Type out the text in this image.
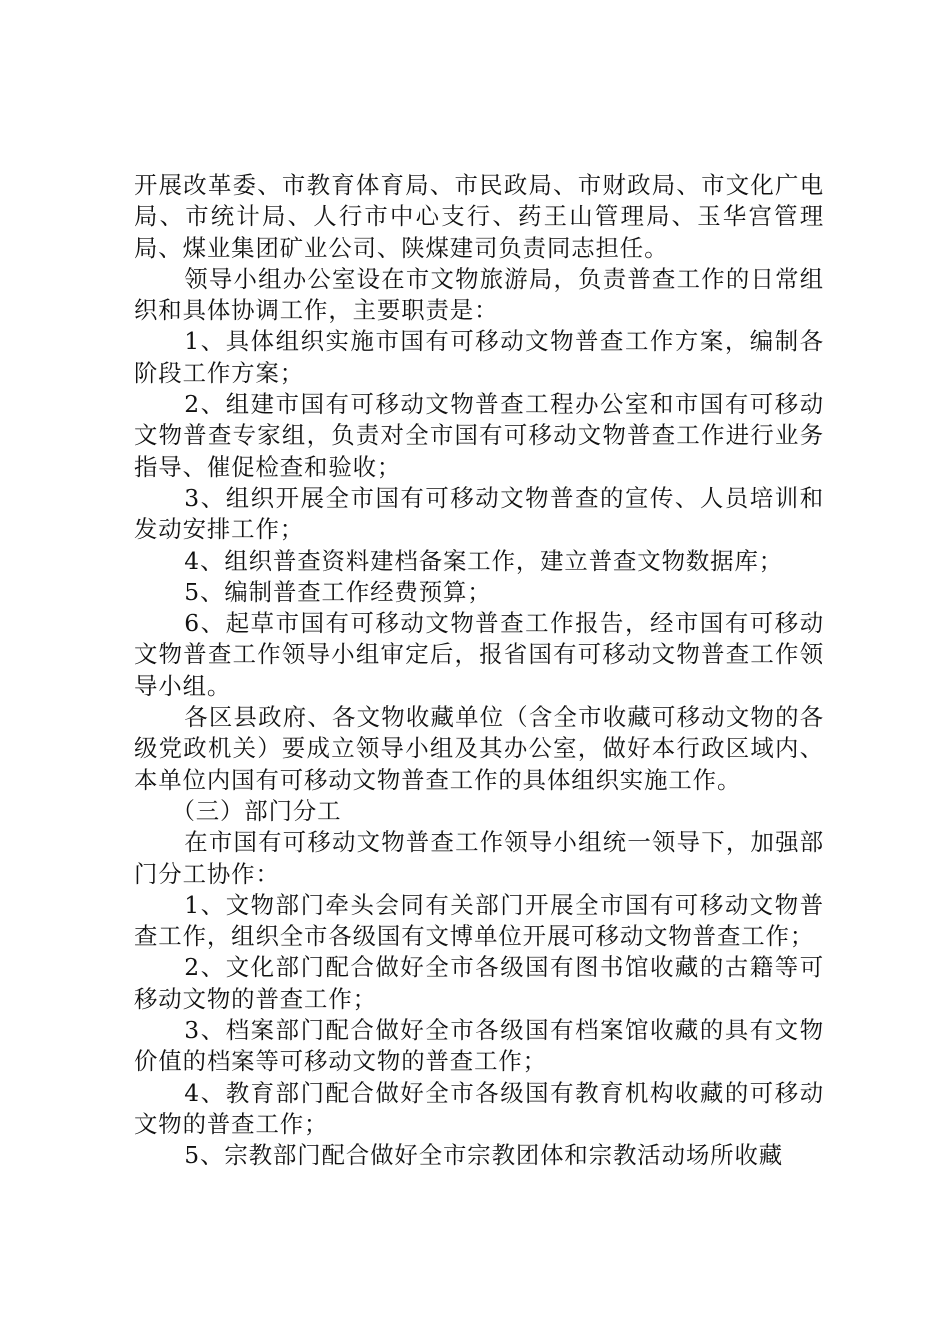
开展改革委、市教育体育局、市民政局、市财政局、市文化广电局、市统计局、人行市中心支行、药王山管理局、玉华宫管理局、煤业集团矿业公司、陕煤建司负责同志担任。

领导小组办公室设在市文物旅游局，负责普查工作的日常组织和具体协调工作，主要职责是：

1、具体组织实施市国有可移动文物普查工作方案，编制各阶段工作方案；

2、组建市国有可移动文物普查工程办公室和市国有可移动文物普查专家组，负责对全市国有可移动文物普查工作进行业务指导、催促检查和验收；

3、组织开展全市国有可移动文物普查的宣传、人员培训和发动安排工作；

4、组织普查资料建档备案工作，建立普查文物数据库；

5、编制普查工作经费预算；

6、起草市国有可移动文物普查工作报告，经市国有可移动文物普查工作领导小组审定后，报省国有可移动文物普查工作领导小组。

各区县政府、各文物收藏单位（含全市收藏可移动文物的各级党政机关）要成立领导小组及其办公室，做好本行政区域内、本单位内国有可移动文物普查工作的具体组织实施工作。

（三）部门分工

在市国有可移动文物普查工作领导小组统一领导下，加强部门分工协作：

1、文物部门牵头会同有关部门开展全市国有可移动文物普查工作，组织全市各级国有文博单位开展可移动文物普查工作；

2、文化部门配合做好全市各级国有图书馆收藏的古籍等可移动文物的普查工作；

3、档案部门配合做好全市各级国有档案馆收藏的具有文物价值的档案等可移动文物的普查工作；

4、教育部门配合做好全市各级国有教育机构收藏的可移动文物的普查工作；

5、宗教部门配合做好全市宗教团体和宗教活动场所收藏
